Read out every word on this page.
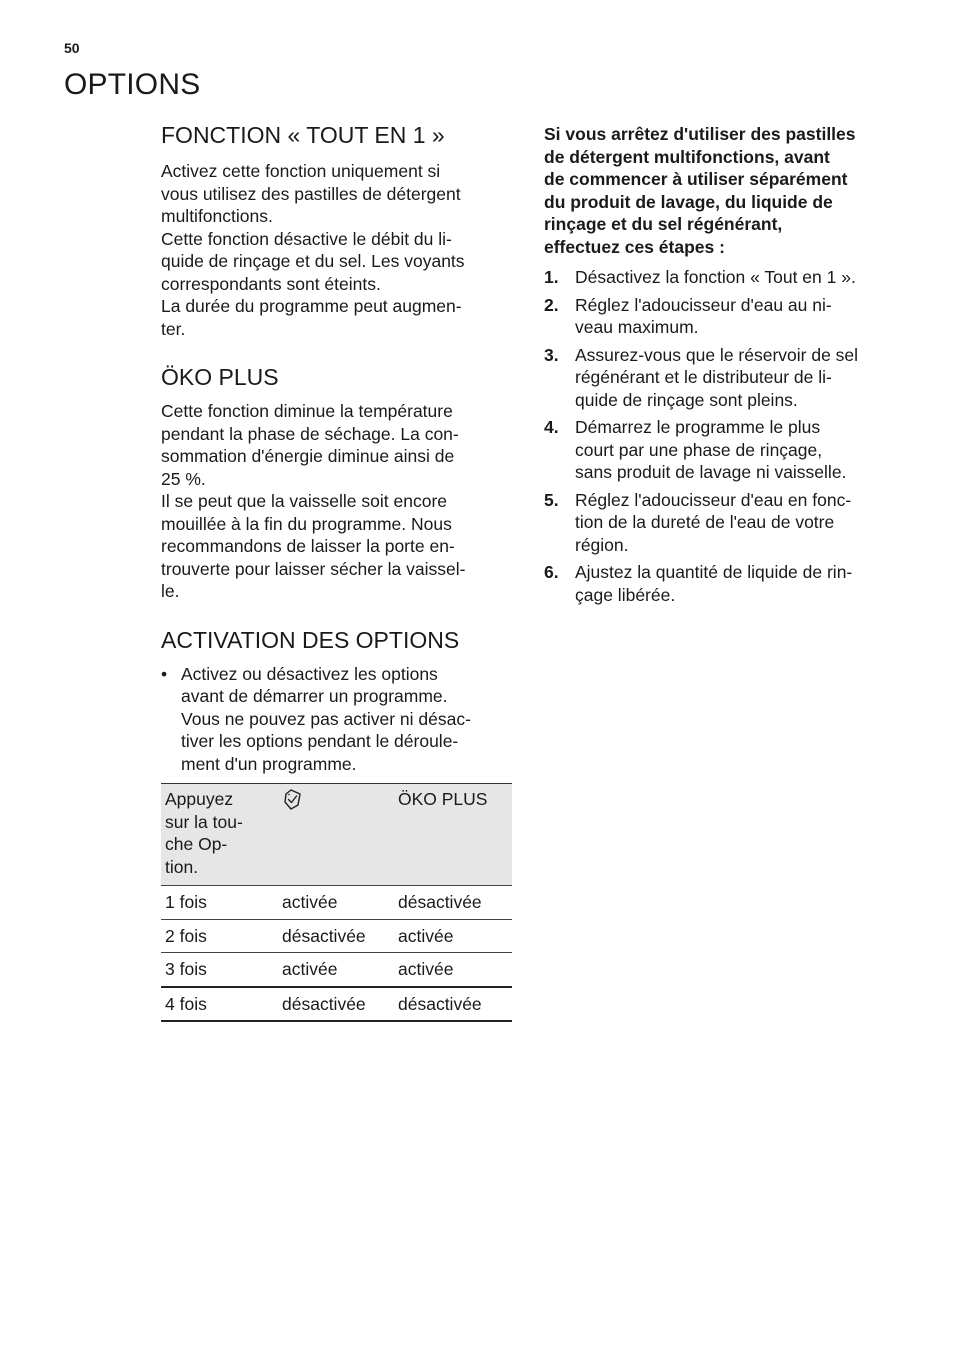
50
OPTIONS
FONCTION « TOUT EN 1 »

Activez cette fonction uniquement si
vous utilisez des pastilles de détergent
multifonctions.
Cette fonction désactive le débit du li-
quide de rinçage et du sel. Les voyants
correspondants sont éteints.
La durée du programme peut augmen-
ter.

ÖKO PLUS

Cette fonction diminue la température
pendant la phase de séchage. La con-
sommation d'énergie diminue ainsi de
25 %.
Il se peut que la vaisselle soit encore
mouillée à la fin du programme. Nous
recommandons de laisser la porte en-
trouverte pour laisser sécher la vaissel-
le.

ACTIVATION DES OPTIONS
• Activez ou désactivez les options
avant de démarrer un programme.
Vous ne pouvez pas activer ni désac-
tiver les options pendant le déroule-
ment d'un programme.
Appuyez
sur la tou-
che Op-
tion.		ÖKO PLUS
1 fois	activée	désactivée
2 fois	désactivée	activée
3 fois	activée	activée
4 fois	désactivée	désactivée

Si vous arrêtez d'utiliser des pastilles
de détergent multifonctions, avant
de commencer à utiliser séparément
du produit de lavage, du liquide de
rinçage et du sel régénérant,
effectuez ces étapes :

1. Désactivez la fonction « Tout en 1 ».
2. Réglez l'adoucisseur d'eau au ni-
veau maximum.
3. Assurez-vous que le réservoir de sel
régénérant et le distributeur de li-
quide de rinçage sont pleins.
4. Démarrez le programme le plus
court par une phase de rinçage,
sans produit de lavage ni vaisselle.
5. Réglez l'adoucisseur d'eau en fonc-
tion de la dureté de l'eau de votre
région.
6. Ajustez la quantité de liquide de rin-
çage libérée.
